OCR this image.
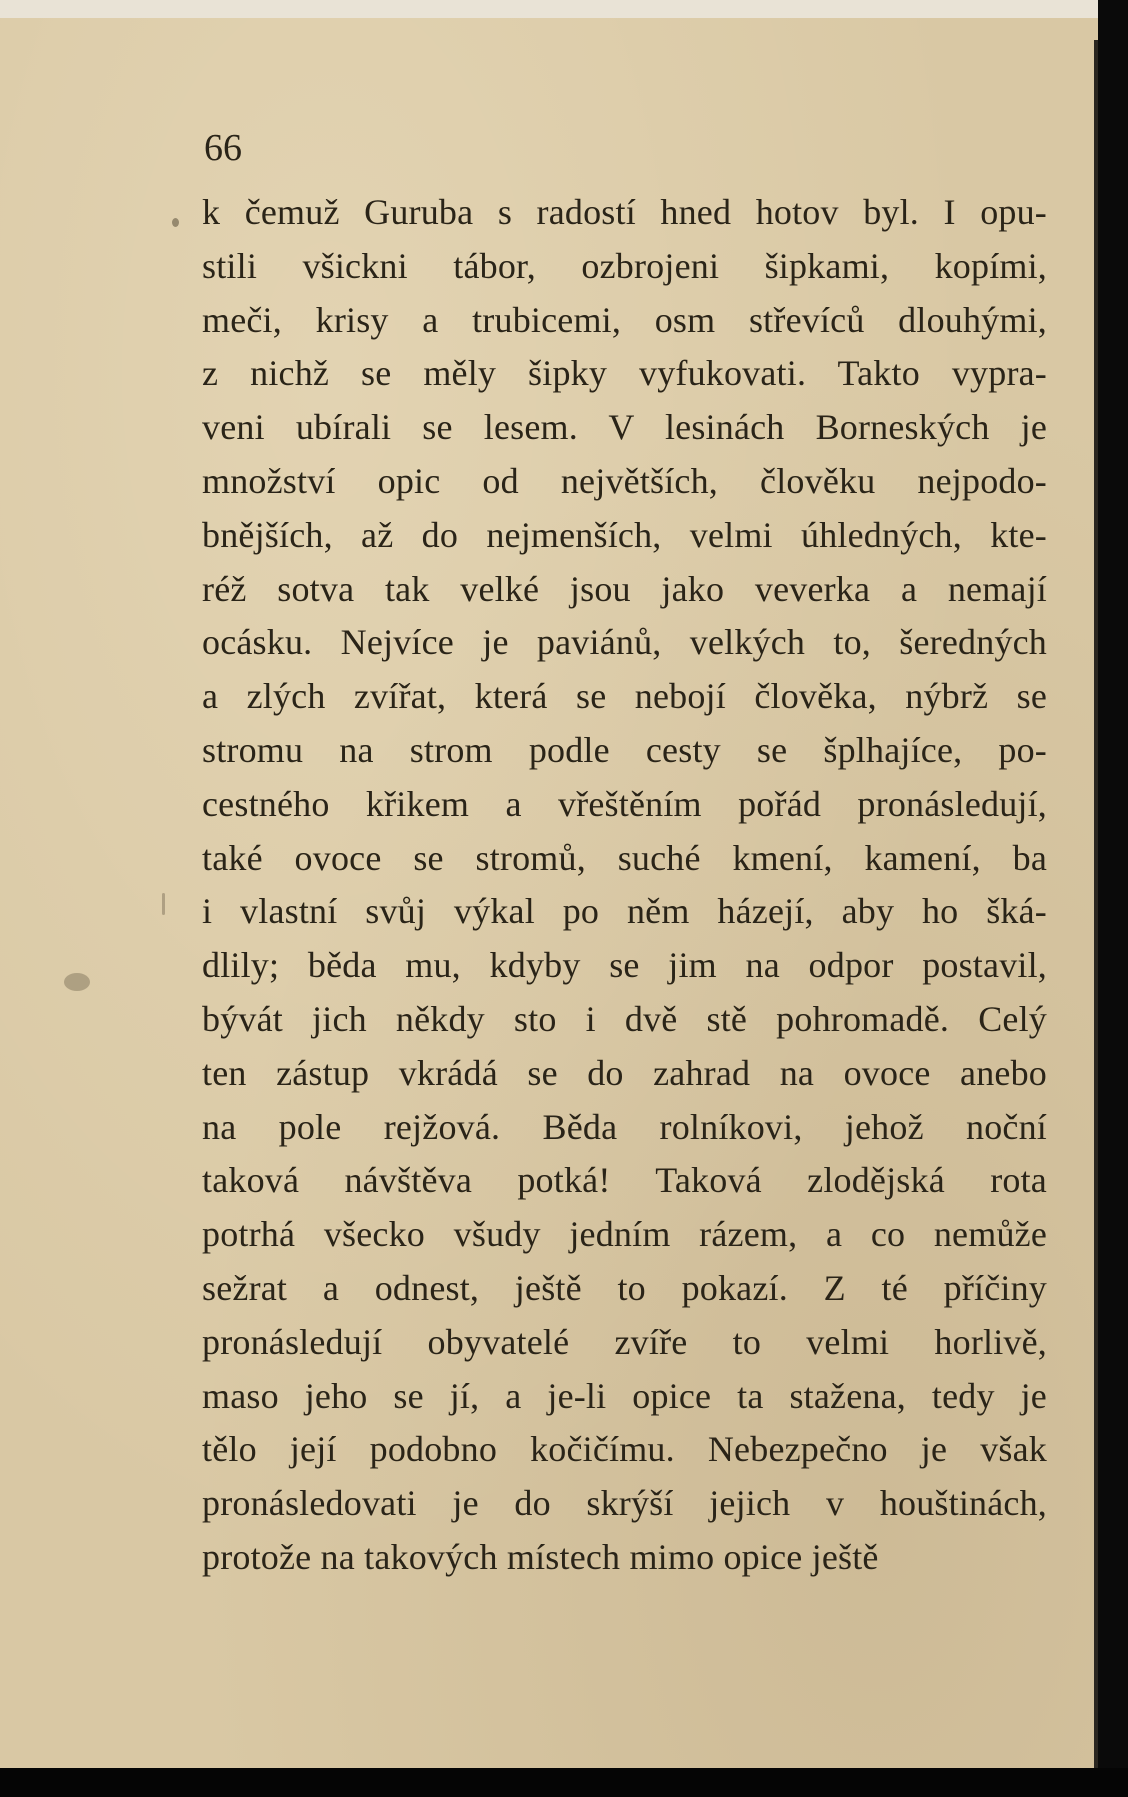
66

k čemuž Guruba s radostí hned hotov byl. I opu-
stili všickni tábor, ozbrojeni šipkami, kopími,
meči, krisy a trubicemi, osm střevíců dlouhými,
z nichž se měly šipky vyfukovati. Takto vypra-
veni ubírali se lesem. V lesinách Borneských je
množství opic od největších, člověku nejpodo-
bnějších, až do nejmenších, velmi úhledných, kte-
réž sotva tak velké jsou jako veverka a nemají
ocásku. Nejvíce je paviánů, velkých to, šeredných
a zlých zvířat, která se nebojí člověka, nýbrž se
stromu na strom podle cesty se šplhajíce, po-
cestného křikem a vřeštěním pořád pronásledují,
také ovoce se stromů, suché kmení, kamení, ba
i vlastní svůj výkal po něm házejí, aby ho šká-
dlily; běda mu, kdyby se jim na odpor postavil,
bývát jich někdy sto i dvě stě pohromadě. Celý
ten zástup vkrádá se do zahrad na ovoce anebo
na pole rejžová. Běda rolníkovi, jehož noční
taková návštěva potká! Taková zlodějská rota
potrhá všecko všudy jedním rázem, a co nemůže
sežrat a odnest, ještě to pokazí. Z té příčiny
pronásledují obyvatelé zvíře to velmi horlivě,
maso jeho se jí, a je-li opice ta stažena, tedy je
tělo její podobno kočičímu. Nebezpečno je však
pronásledovati je do skrýší jejich v houštinách,
protože na takových místech mimo opice ještě
